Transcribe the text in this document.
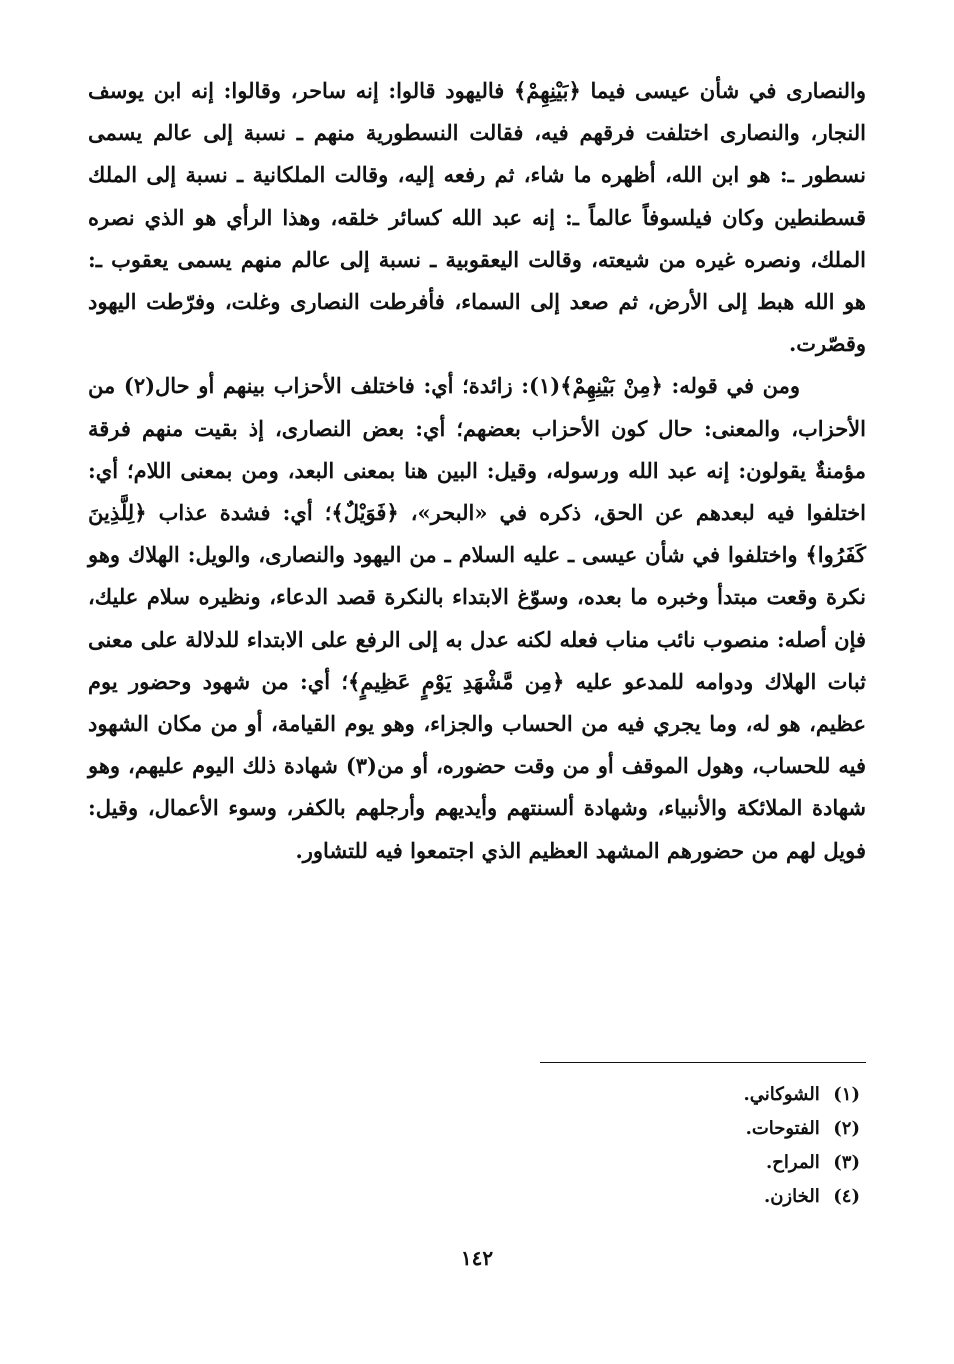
والنصارى في شأن عيسى فيما ﴿بَيْنِهِمْ﴾ فاليهود قالوا: إنه ساحر، وقالوا: إنه ابن يوسف النجار، والنصارى اختلفت فرقهم فيه، فقالت النسطورية منهم ـ نسبة إلى عالم يسمى نسطور ـ: هو ابن الله، أظهره ما شاء، ثم رفعه إليه، وقالت الملكانية ـ نسبة إلى الملك قسطنطين وكان فيلسوفاً عالماً ـ: إنه عبد الله كسائر خلقه، وهذا الرأي هو الذي نصره الملك، ونصره غيره من شيعته، وقالت اليعقوبية ـ نسبة إلى عالم منهم يسمى يعقوب ـ: هو الله هبط إلى الأرض، ثم صعد إلى السماء، فأفرطت النصارى وغلت، وفرّطت اليهود وقصّرت.

ومن في قوله: ﴿مِنْ بَيْنِهِمْ﴾(١): زائدة؛ أي: فاختلف الأحزاب بينهم أو حال(٢) من الأحزاب، والمعنى: حال كون الأحزاب بعضهم؛ أي: بعض النصارى، إذ بقيت منهم فرقة مؤمنةٌ يقولون: إنه عبد الله ورسوله، وقيل: البين هنا بمعنى البعد، ومن بمعنى اللام؛ أي: اختلفوا فيه لبعدهم عن الحق، ذكره في «البحر»، ﴿فَوَيْلٌ﴾؛ أي: فشدة عذاب ﴿لِلَّذِينَ كَفَرُوا﴾ واختلفوا في شأن عيسى ـ عليه السلام ـ من اليهود والنصارى، والويل: الهلاك وهو نكرة وقعت مبتدأ وخبره ما بعده، وسوّغ الابتداء بالنكرة قصد الدعاء، ونظيره سلام عليك، فإن أصله: منصوب نائب مناب فعله لكنه عدل به إلى الرفع على الابتداء للدلالة على معنى ثبات الهلاك ودوامه للمدعو عليه ﴿مِن مَّشْهَدِ يَوْمٍ عَظِيمٍ﴾؛ أي: من شهود وحضور يوم عظيم، هو له، وما يجري فيه من الحساب والجزاء، وهو يوم القيامة، أو من مكان الشهود فيه للحساب، وهول الموقف أو من وقت حضوره، أو من(٣) شهادة ذلك اليوم عليهم، وهو شهادة الملائكة والأنبياء، وشهادة ألسنتهم وأيديهم وأرجلهم بالكفر، وسوء الأعمال، وقيل: فويل لهم من حضورهم المشهد العظيم الذي اجتمعوا فيه للتشاور.

(١) الشوكاني.
(٢) الفتوحات.
(٣) المراح.
(٤) الخازن.
١٤٢
